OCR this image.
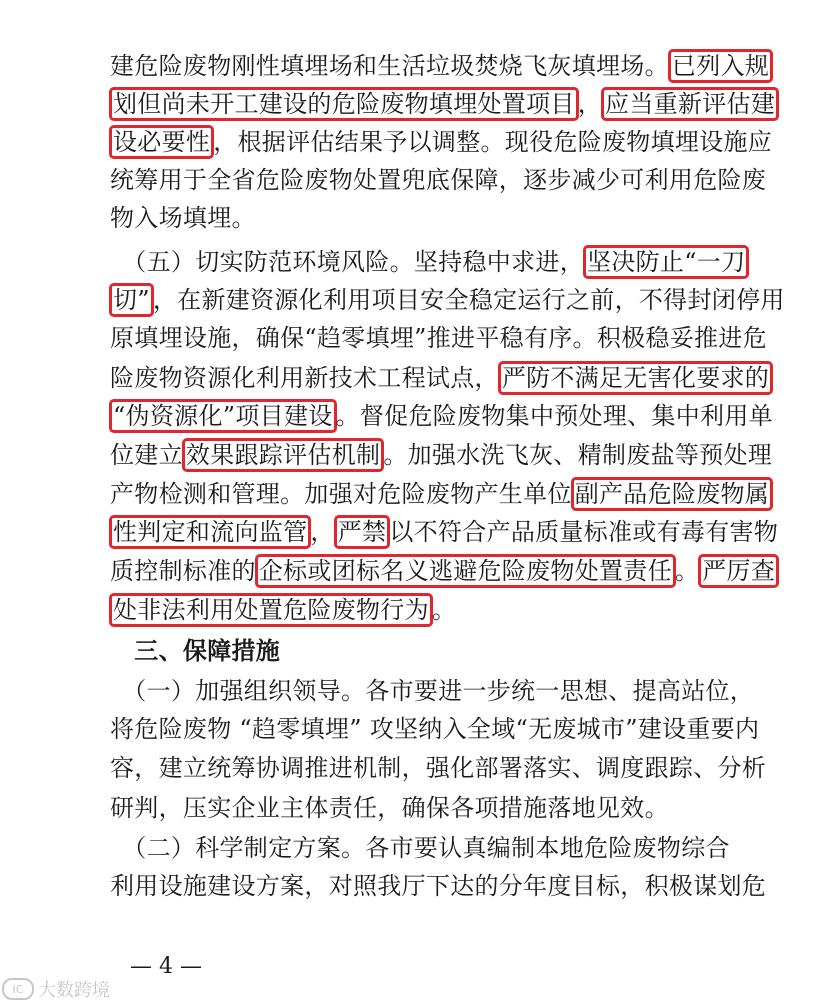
建危险废物刚性填埋场和生活垃圾焚烧飞灰填埋场。 已列入规
划但尚未开工建设的危险废物填埋处置项目 ， 应当重新评估建
设必要性 ，根据评估结果予以调整。现役危险废物填埋设施应
统筹用于全省危险废物处置兜底保障，逐步减少可利用危险废
物入场填埋。
　（五）切实防范环境风险。坚持稳中求进， 坚决防止“一刀
切” ，在新建资源化利用项目安全稳定运行之前，不得封闭停用
原填埋设施，确保“趋零填埋”推进平稳有序。积极稳妥推进危
险废物资源化利用新技术工程试点， 严防不满足无害化要求的
“伪资源化”项目建设 。督促危险废物集中预处理、集中利用单
位建立 效果跟踪评估机制 。加强水洗飞灰、精制废盐等预处理
产物检测和管理。加强对危险废物产生单位 副产品危险废物属
性判定和流向监管 ， 严禁 以不符合产品质量标准或有毒有害物
质控制标准的 企标或团标名义逃避危险废物处置责任 。 严厉查
处非法利用处置危险废物行为 。
　三、保障措施
　（一）加强组织领导。各市要进一步统一思想、提高站位，
将危险废物 “趋零填埋” 攻坚纳入全域“无废城市”建设重要内
容，建立统筹协调推进机制，强化部署落实、调度跟踪、分析
研判，压实企业主体责任，确保各项措施落地见效。
　（二）科学制定方案。各市要认真编制本地危险废物综合
利用设施建设方案，对照我厅下达的分年度目标，积极谋划危
— 4 —
IC 大数跨境
